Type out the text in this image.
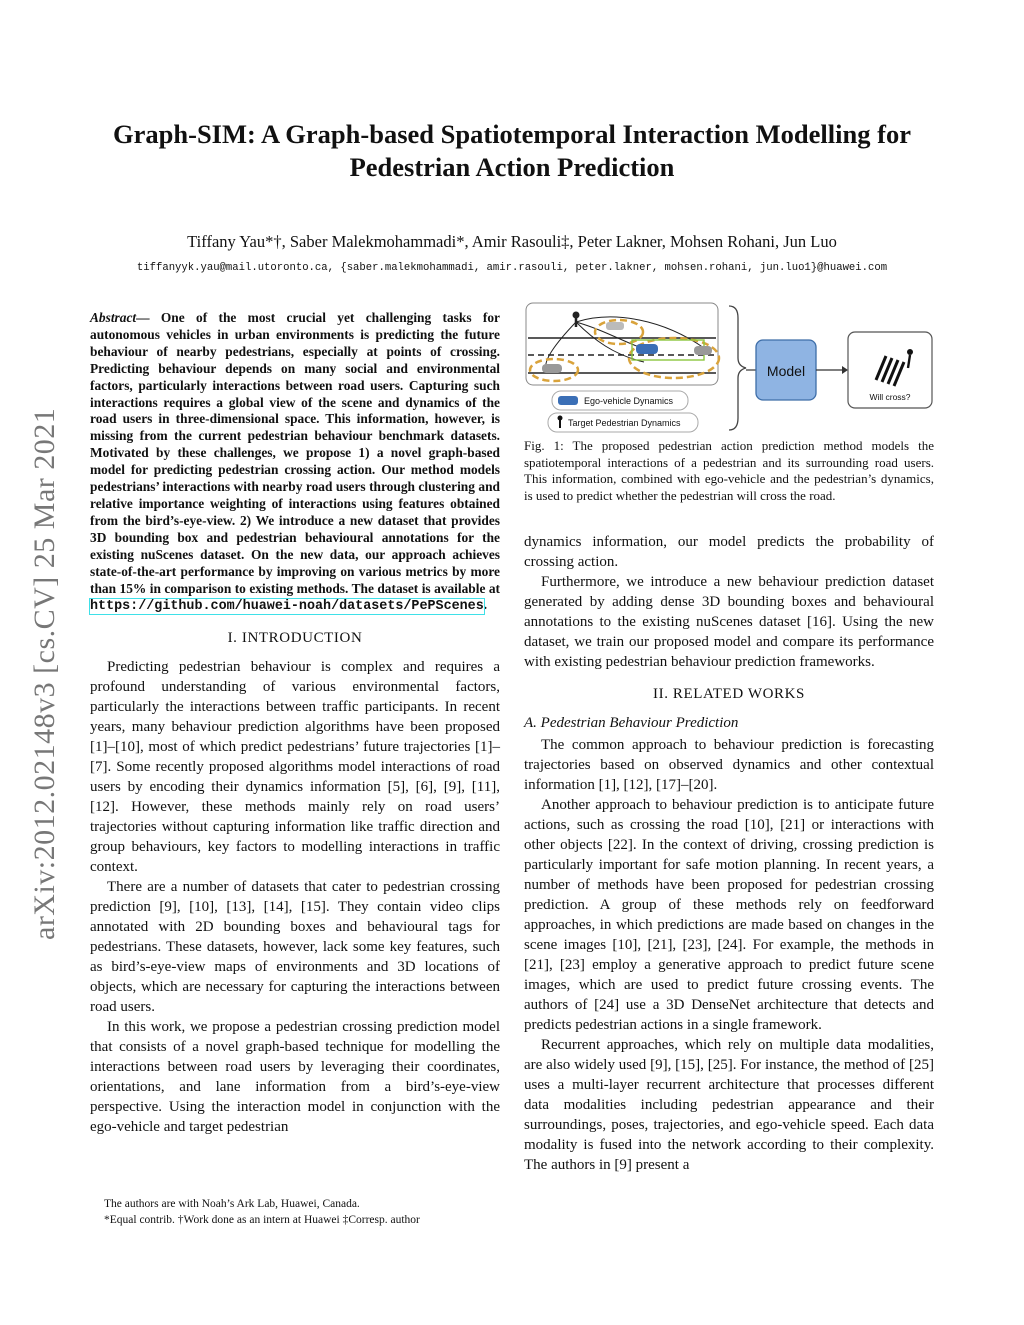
Graph-SIM: A Graph-based Spatiotemporal Interaction Modelling for
Pedestrian Action Prediction
Tiffany Yau*†, Saber Malekmohammadi*, Amir Rasouli‡, Peter Lakner, Mohsen Rohani, Jun Luo
tiffanyyk.yau@mail.utoronto.ca, {saber.malekmohammadi, amir.rasouli, peter.lakner, mohsen.rohani, jun.luo1}@huawei.com
arXiv:2012.02148v3 [cs.CV] 25 Mar 2021

Abstract— One of the most crucial yet challenging tasks for autonomous vehicles in urban environments is predicting the future behaviour of nearby pedestrians, especially at points of crossing. Predicting behaviour depends on many social and environmental factors, particularly interactions between road users. Capturing such interactions requires a global view of the scene and dynamics of the road users in three-dimensional space. This information, however, is missing from the current pedestrian behaviour benchmark datasets. Motivated by these challenges, we propose 1) a novel graph-based model for predicting pedestrian crossing action. Our method models pedestrians’ interactions with nearby road users through clustering and relative importance weighting of interactions using features obtained from the bird’s-eye-view. 2) We introduce a new dataset that provides 3D bounding box and pedestrian behavioural annotations for the existing nuScenes dataset. On the new data, our approach achieves state-of-the-art performance by improving on various metrics by more than 15% in comparison to existing methods. The dataset is available at https://github.com/huawei-noah/datasets/PePScenes.

I. INTRODUCTION

Predicting pedestrian behaviour is complex and requires a profound understanding of various environmental factors, particularly the interactions between traffic participants. In recent years, many behaviour prediction algorithms have been proposed [1]–[10], most of which predict pedestrians’ future trajectories [1]–[7]. Some recently proposed algorithms model interactions of road users by encoding their dynamics information [5], [6], [9], [11], [12]. However, these methods mainly rely on road users’ trajectories without capturing information like traffic direction and group behaviours, key factors to modelling interactions in traffic context.

There are a number of datasets that cater to pedestrian crossing prediction [9], [10], [13], [14], [15]. They contain video clips annotated with 2D bounding boxes and behavioural tags for pedestrians. These datasets, however, lack some key features, such as bird’s-eye-view maps of environments and 3D locations of objects, which are necessary for capturing the interactions between road users.

In this work, we propose a pedestrian crossing prediction model that consists of a novel graph-based technique for modelling the interactions between road users by leveraging their coordinates, orientations, and lane information from a bird’s-eye-view perspective. Using the interaction model in conjunction with the ego-vehicle and target pedestrian

The authors are with Noah’s Ark Lab, Huawei, Canada.

*Equal contrib. †Work done as an intern at Huawei ‡Corresp. author

Model
Will cross?
Ego-vehicle Dynamics
Target Pedestrian Dynamics

Fig. 1: The proposed pedestrian action prediction method models the spatiotemporal interactions of a pedestrian and its surrounding road users. This information, combined with ego-vehicle and the pedestrian’s dynamics, is used to predict whether the pedestrian will cross the road.

dynamics information, our model predicts the probability of crossing action.

Furthermore, we introduce a new behaviour prediction dataset generated by adding dense 3D bounding boxes and behavioural annotations to the existing nuScenes dataset [16]. Using the new dataset, we train our proposed model and compare its performance with existing pedestrian behaviour prediction frameworks.

II. RELATED WORKS
A. Pedestrian Behaviour Prediction

The common approach to behaviour prediction is forecasting trajectories based on observed dynamics and other contextual information [1], [12], [17]–[20].

Another approach to behaviour prediction is to anticipate future actions, such as crossing the road [10], [21] or interactions with other objects [22]. In the context of driving, crossing prediction is particularly important for safe motion planning. In recent years, a number of methods have been proposed for pedestrian crossing prediction. A group of these methods rely on feedforward approaches, in which predictions are made based on changes in the scene images [10], [21], [23], [24]. For example, the methods in [21], [23] employ a generative approach to predict future scene images, which are used to predict future crossing events. The authors of [24] use a 3D DenseNet architecture that detects and predicts pedestrian actions in a single framework.

Recurrent approaches, which rely on multiple data modalities, are also widely used [9], [15], [25]. For instance, the method of [25] uses a multi-layer recurrent architecture that processes different data modalities including pedestrian appearance and their surroundings, poses, trajectories, and ego-vehicle speed. Each data modality is fused into the network according to their complexity. The authors in [9] present a
